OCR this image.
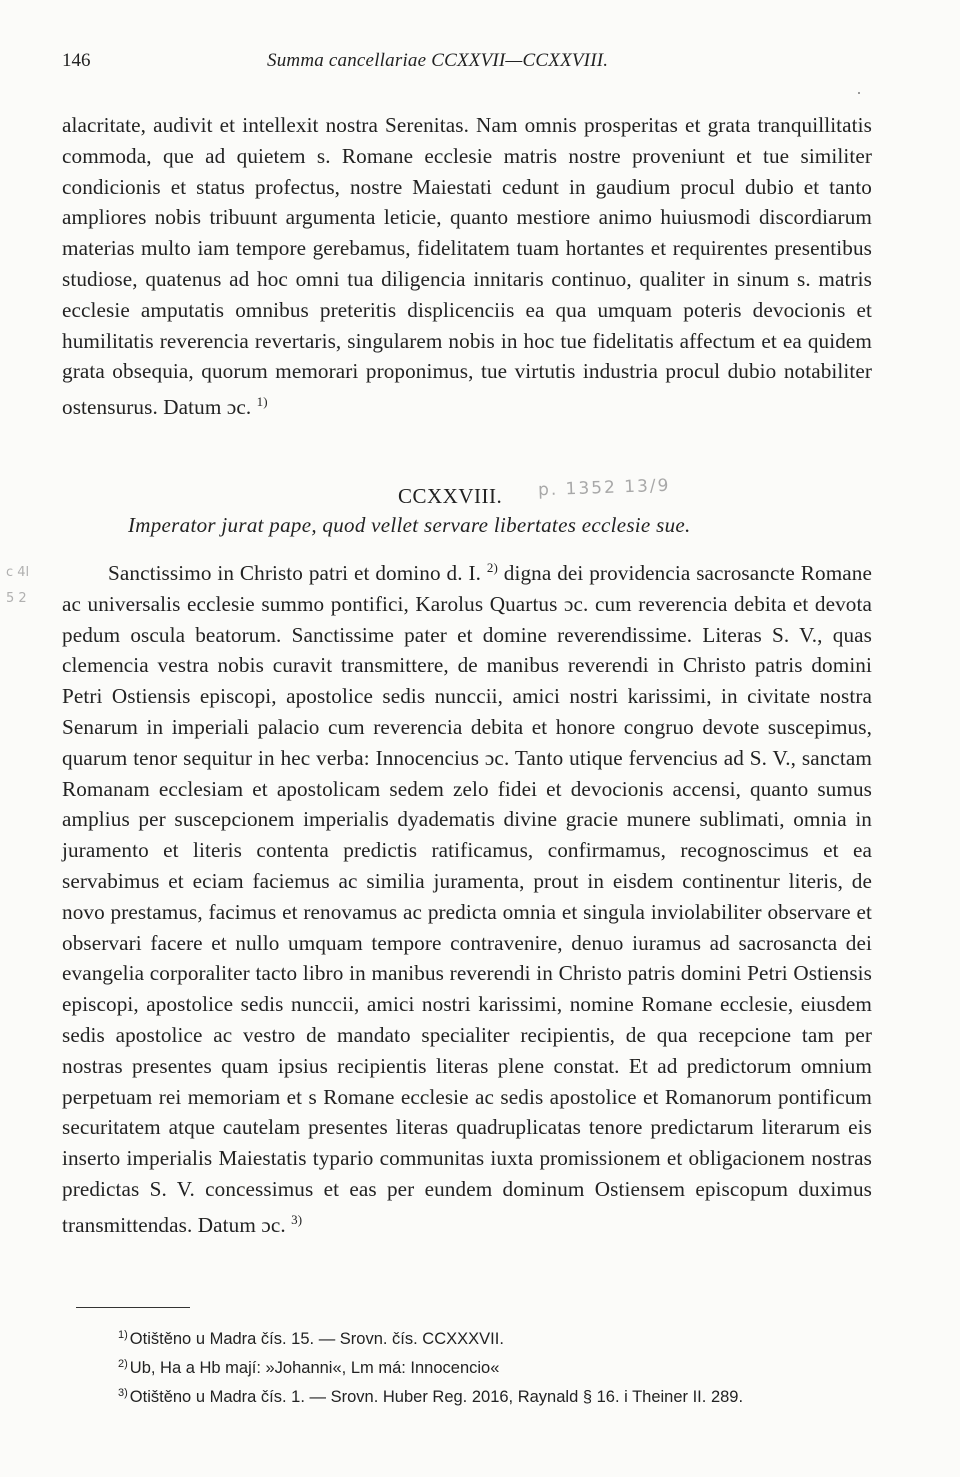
146	Summa cancellariae CCXXVII—CCXXVIII.

alacritate, audivit et intellexit nostra Serenitas. Nam omnis prosperitas et grata tranquillitatis commoda, que ad quietem s. Romane ecclesie matris nostre proveniunt et tue similiter condicionis et status profectus, nostre Maiestati cedunt in gaudium procul dubio et tanto ampliores nobis tribuunt argumenta leticie, quanto mestiore animo huiusmodi discordiarum materias multo iam tempore gerebamus, fidelitatem tuam hortantes et requirentes presentibus studiose, quatenus ad hoc omni tua diligencia innitaris continuo, qualiter in sinum s. matris ecclesie amputatis omnibus preteritis displicenciis ea qua umquam poteris devocionis et humilitatis reverencia revertaris, singularem nobis in hoc tue fidelitatis affectum et ea quidem grata obsequia, quorum memorari proponimus, tue virtutis industria procul dubio notabiliter ostensurus. Datum ɔc. $^{1)}$

CCXXVIII. p. 1352 13/9
Imperator jurat pape, quod vellet servare libertates ecclesie sue.
c 4l
5 2

Sanctissimo in Christo patri et domino d. I. $^{2)}$ digna dei providencia sacrosancte Romane ac universalis ecclesie summo pontifici, Karolus Quartus ɔc. cum reverencia debita et devota pedum oscula beatorum. Sanctissime pater et domine reverendissime. Literas S. V., quas clemencia vestra nobis curavit transmittere, de manibus reverendi in Christo patris domini Petri Ostiensis episcopi, apostolice sedis nunccii, amici nostri karissimi, in civitate nostra Senarum in imperiali palacio cum reverencia debita et honore congruo devote suscepimus, quarum tenor sequitur in hec verba: Innocencius ɔc. Tanto utique fervencius ad S. V., sanctam Romanam ecclesiam et apostolicam sedem zelo fidei et devocionis accensi, quanto sumus amplius per suscepcionem imperialis dyadematis divine gracie munere sublimati, omnia in juramento et literis contenta predictis ratificamus, confirmamus, recognoscimus et ea servabimus et eciam faciemus ac similia juramenta, prout in eisdem continentur literis, de novo prestamus, facimus et renovamus ac predicta omnia et singula inviolabiliter observare et observari facere et nullo umquam tempore contravenire, denuo iuramus ad sacrosancta dei evangelia corporaliter tacto libro in manibus reverendi in Christo patris domini Petri Ostiensis episcopi, apostolice sedis nunccii, amici nostri karissimi, nomine Romane ecclesie, eiusdem sedis apostolice ac vestro de mandato specialiter recipientis, de qua recepcione tam per nostras presentes quam ipsius recipientis literas plene constat. Et ad predictorum omnium perpetuam rei memoriam et s Romane ecclesie ac sedis apostolice et Romanorum pontificum securitatem atque cautelam presentes literas quadruplicatas tenore predictarum literarum eis inserto imperialis Maiestatis typario communitas iuxta promissionem et obligacionem nostras predictas S. V. concessimus et eas per eundem dominum Ostiensem episcopum duximus transmittendas. Datum ɔc. $^{3)}$

$^{1)}$ Otištěno u Madra čís. 15. — Srovn. čís. CCXXXVII.
$^{2)}$ Ub, Ha a Hb mají: »Johanni«, Lm má: Innocencio«
$^{3)}$ Otištěno u Madra čís. 1. — Srovn. Huber Reg. 2016, Raynald § 16. i Theiner II. 289.
